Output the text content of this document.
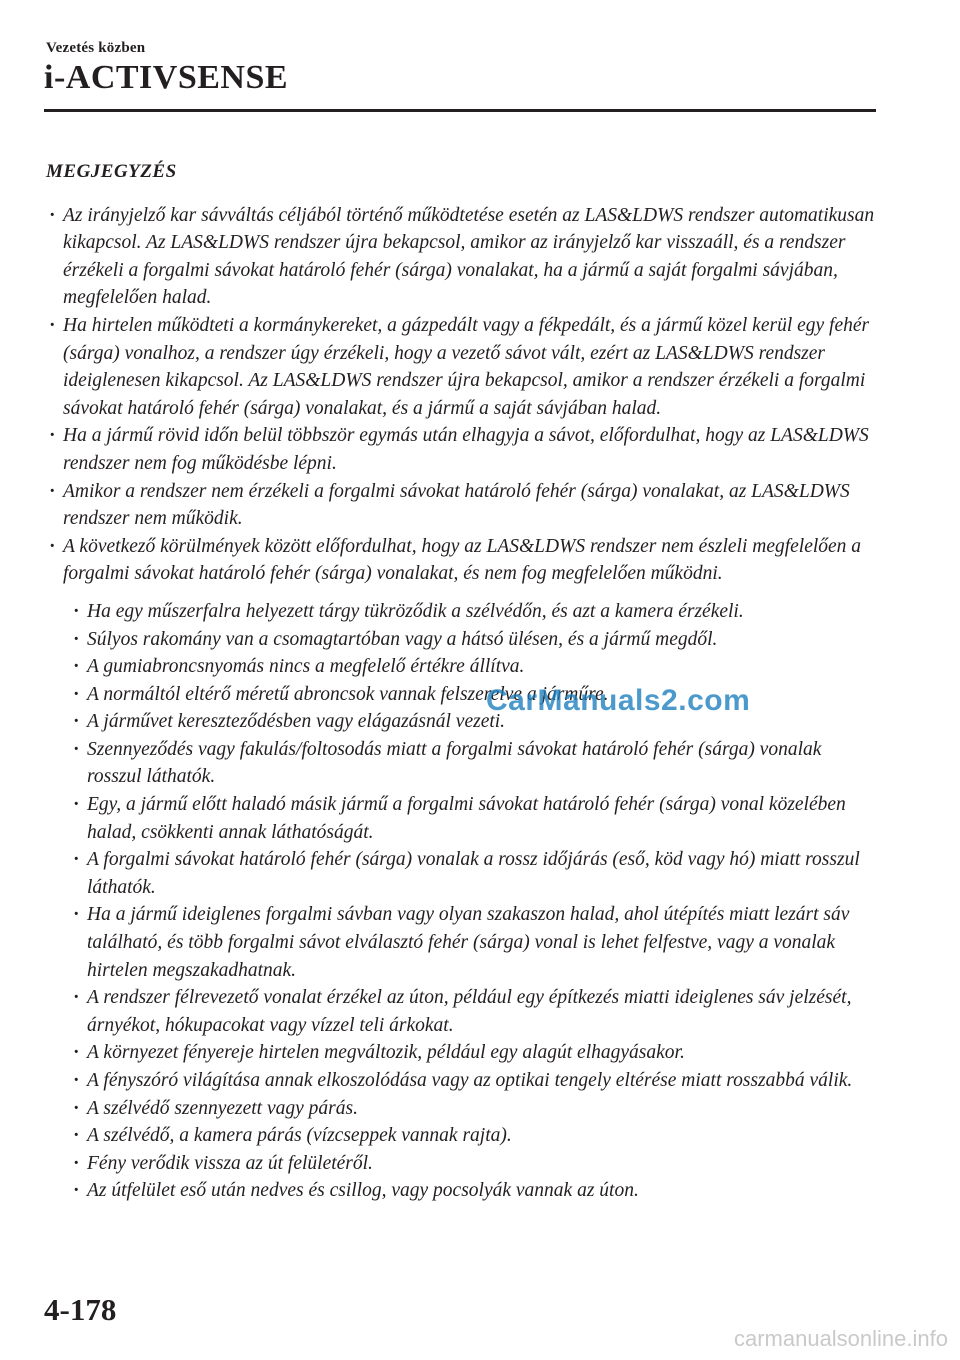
Vezetés közben
i-ACTIVSENSE
MEGJEGYZÉS
· Az irányjelző kar sávváltás céljából történő működtetése esetén az LAS&LDWS rendszer automatikusan kikapcsol. Az LAS&LDWS rendszer újra bekapcsol, amikor az irányjelző kar visszaáll, és a rendszer érzékeli a forgalmi sávokat határoló fehér (sárga) vonalakat, ha a jármű a saját forgalmi sávjában, megfelelően halad.
· Ha hirtelen működteti a kormánykereket, a gázpedált vagy a fékpedált, és a jármű közel kerül egy fehér (sárga) vonalhoz, a rendszer úgy érzékeli, hogy a vezető sávot vált, ezért az LAS&LDWS rendszer ideiglenesen kikapcsol. Az LAS&LDWS rendszer újra bekapcsol, amikor a rendszer érzékeli a forgalmi sávokat határoló fehér (sárga) vonalakat, és a jármű a saját sávjában halad.
· Ha a jármű rövid időn belül többször egymás után elhagyja a sávot, előfordulhat, hogy az LAS&LDWS rendszer nem fog működésbe lépni.
· Amikor a rendszer nem érzékeli a forgalmi sávokat határoló fehér (sárga) vonalakat, az LAS&LDWS rendszer nem működik.
· A következő körülmények között előfordulhat, hogy az LAS&LDWS rendszer nem észleli megfelelően a forgalmi sávokat határoló fehér (sárga) vonalakat, és nem fog megfelelően működni.
· Ha egy műszerfalra helyezett tárgy tükröződik a szélvédőn, és azt a kamera érzékeli.
· Súlyos rakomány van a csomagtartóban vagy a hátsó ülésen, és a jármű megdől.
· A gumiabroncsnyomás nincs a megfelelő értékre állítva.
· A normáltól eltérő méretű abroncsok vannak felszerelve a járműre.
· A járművet kereszteződésben vagy elágazásnál vezeti.
· Szennyeződés vagy fakulás/foltosodás miatt a forgalmi sávokat határoló fehér (sárga) vonalak rosszul láthatók.
· Egy, a jármű előtt haladó másik jármű a forgalmi sávokat határoló fehér (sárga) vonal közelében halad, csökkenti annak láthatóságát.
· A forgalmi sávokat határoló fehér (sárga) vonalak a rossz időjárás (eső, köd vagy hó) miatt rosszul láthatók.
· Ha a jármű ideiglenes forgalmi sávban vagy olyan szakaszon halad, ahol útépítés miatt lezárt sáv található, és több forgalmi sávot elválasztó fehér (sárga) vonal is lehet felfestve, vagy a vonalak hirtelen megszakadhatnak.
· A rendszer félrevezető vonalat érzékel az úton, például egy építkezés miatti ideiglenes sáv jelzését, árnyékot, hókupacokat vagy vízzel teli árkokat.
· A környezet fényereje hirtelen megváltozik, például egy alagút elhagyásakor.
· A fényszóró világítása annak elkoszolódása vagy az optikai tengely eltérése miatt rosszabbá válik.
· A szélvédő szennyezett vagy párás.
· A szélvédő, a kamera párás (vízcseppek vannak rajta).
· Fény verődik vissza az út felületéről.
· Az útfelület eső után nedves és csillog, vagy pocsolyák vannak az úton.
CarManuals2.com
4-178
carmanualsonline.info
